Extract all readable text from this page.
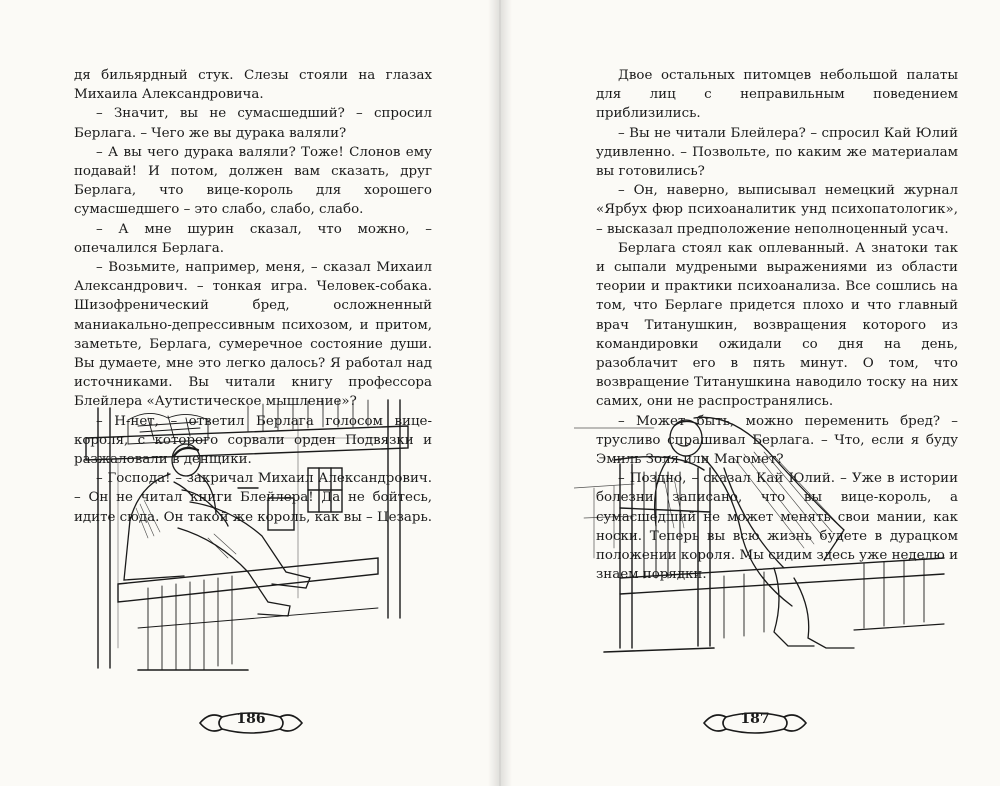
дя бильярдный стук. Слезы стояли на глазах Михаила Александровича.

– Значит, вы не сумасшедший? – спросил Берлага. – Чего же вы дурака валяли?

– А вы чего дурака валяли? Тоже! Слонов ему подавай! И потом, должен вам сказать, друг Берлага, что вице-король для хорошего сумасшедшего – это слабо, слабо, слабо.

– А мне шурин сказал, что можно, – опечалился Берлага.

– Возьмите, например, меня, – сказал Михаил Александрович. – тонкая игра. Человек-собака. Шизофренический бред, осложненный маниакально-депрессивным психозом, и притом, заметьте, Берлага, сумеречное состояние души. Вы думаете, мне это легко далось? Я работал над источниками. Вы читали книгу профессора Блейлера «Аутистическое мышление»?

– Н-нет, – ответил Берлага голосом вице-короля, с которого сорвали орден Подвязки и разжаловали в денщики.

– Господа! – закричал Михаил Александрович. – Он не читал книги Блейлера! Да не бойтесь, идите сюда. Он такой же король, как вы – Цезарь.

186

Двое остальных питомцев небольшой палаты для лиц с неправильным поведением приблизились.

– Вы не читали Блейлера? – спросил Кай Юлий удивленно. – Позвольте, по каким же материалам вы готовились?

– Он, наверно, выписывал немецкий журнал «Ярбух фюр психоаналитик унд психопатологик», – высказал предположение неполноценный усач.

Берлага стоял как оплеванный. А знатоки так и сыпали мудреными выражениями из области теории и практики психоанализа. Все сошлись на том, что Берлаге придется плохо и что главный врач Титанушкин, возвращения которого из командировки ожидали со дня на день, разоблачит его в пять минут. О том, что возвращение Титанушкина наводило тоску на них самих, они не распространялись.

– Может быть, можно переменить бред? – трусливо спрашивал Берлага. – Что, если я буду Эмиль Золя или Магомет?

– Поздно, – сказал Кай Юлий. – Уже в истории болезни записано, что вы вице-король, а сумасшедший не может менять свои мании, как носки. Теперь вы всю жизнь будете в дурацком положении короля. Мы сидим здесь уже неделю и знаем порядки.

187
